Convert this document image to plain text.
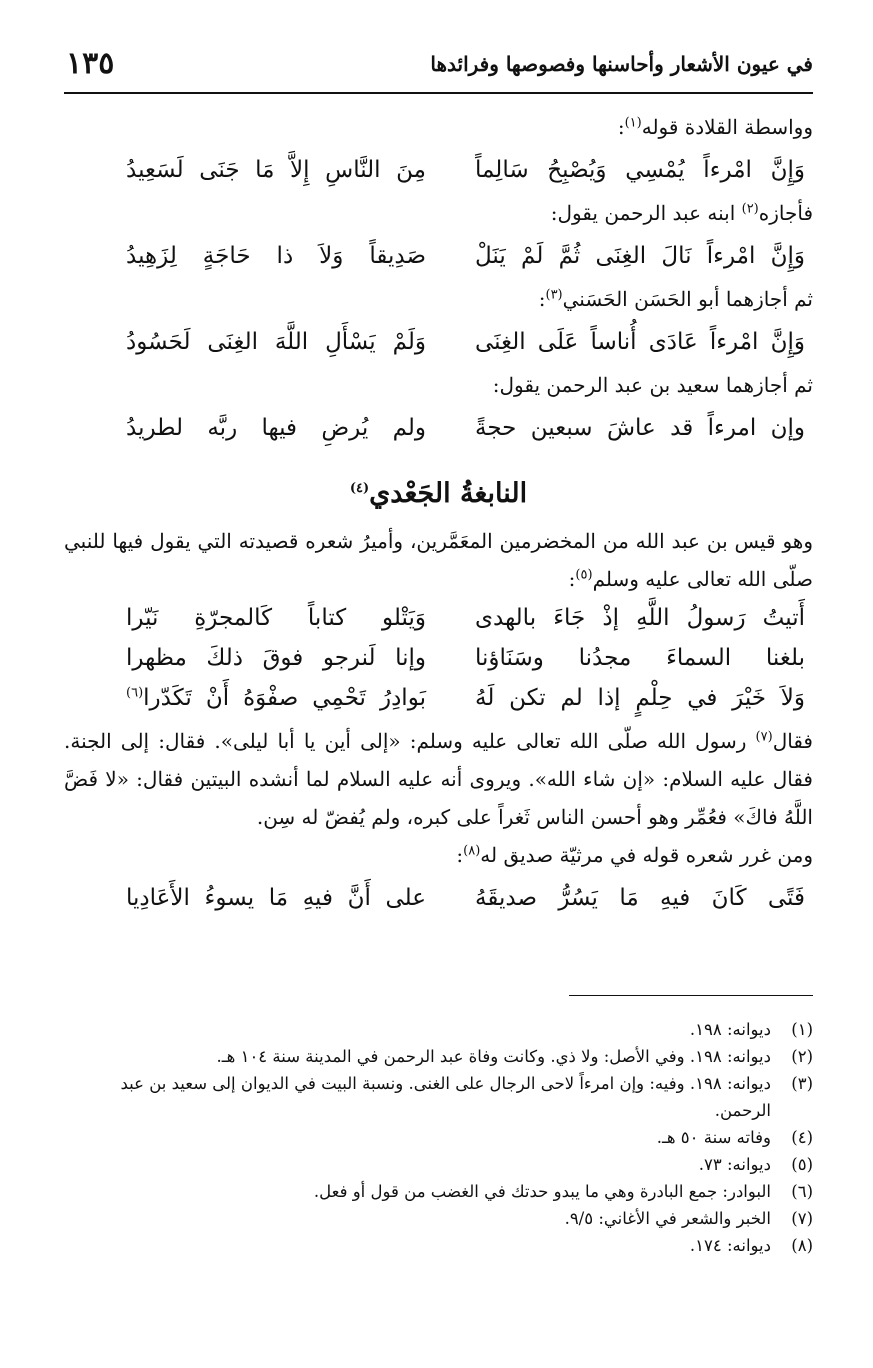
في عيون الأشعار وأحاسنها وفصوصها وفرائدها
١٣٥

وواسطة القلادة قوله$^{(١)}$:

وَإِنَّ امْرءاً يُمْسِي وَيُصْبِحُ سَالِماً
مِنَ النَّاسِ إِلاَّ مَا جَنَى لَسَعِيدُ

فأجازه$^{(٢)}$ ابنه عبد الرحمن يقول:

وَإِنَّ امْرءاً نَالَ الغِنَى ثُمَّ لَمْ يَنَلْ
صَدِيقاً وَلاَ ذا حَاجَةٍ لِزَهِيدُ

ثم أجازهما أبو الحَسَن الحَسَني$^{(٣)}$:

وَإِنَّ امْرءاً عَادَى أُناساً عَلَى الغِنَى
وَلَمْ يَسْأَلِ اللَّهَ الغِنَى لَحَسُودُ

ثم أجازهما سعيد بن عبد الرحمن يقول:

وإن امرءاً قد عاشَ سبعين حجةً
ولم يُرضِ فيها ربَّه لطريدُ
النابغةُ الجَعْدي$^{(٤)}$

وهو قيس بن عبد الله من المخضرمين المعَمَّرين، وأميرُ شعره قصيدته التي يقول فيها للنبي صلّى الله تعالى عليه وسلم$^{(٥)}$:

أَتيتُ رَسولُ اللَّهِ إذْ جَاءَ بالهدى
وَيَتْلو كتاباً كَالمجرّةِ نَيّرا
بلغنا السماءَ مجدُنا وسَنَاؤنا
وإنا لَنرجو فوقَ ذلكَ مظهرا
وَلاَ خَيْرَ في حِلْمٍ إذا لم تكن لَهُ
بَوادِرُ تَحْمِي صفْوَهُ أَنْ تَكَدّرا$^{(٦)}$

فقال$^{(٧)}$ رسول الله صلّى الله تعالى عليه وسلم: «إلى أين يا أبا ليلى». فقال: إلى الجنة. فقال عليه السلام: «إن شاء الله». ويروى أنه عليه السلام لما أنشده البيتين فقال: «لا فَضَّ اللَّهُ فاكَ» فعُمِّر وهو أحسن الناس ثَغراً على كبره، ولم يُفضّ له سِن.

ومن غرر شعره قوله في مرثيّة صديق له$^{(٨)}$:

فَتًى كَانَ فيهِ مَا يَسُرُّ صديقَهُ
على أَنَّ فيهِ مَا يسوءُ الأَعَادِيا
(١)
ديوانه: ١٩٨.
(٢)
ديوانه: ١٩٨. وفي الأصل: ولا ذي. وكانت وفاة عبد الرحمن في المدينة سنة ١٠٤ هـ.
(٣)
ديوانه: ١٩٨. وفيه: وإن امرءاً لاحى الرجال على الغنى. ونسبة البيت في الديوان إلى سعيد بن عبد الرحمن.
(٤)
وفاته سنة ٥٠ هـ.
(٥)
ديوانه: ٧٣.
(٦)
البوادر: جمع البادرة وهي ما يبدو حدتك في الغضب من قول أو فعل.
(٧)
الخبر والشعر في الأغاني: ٩/٥.
(٨)
ديوانه: ١٧٤.
